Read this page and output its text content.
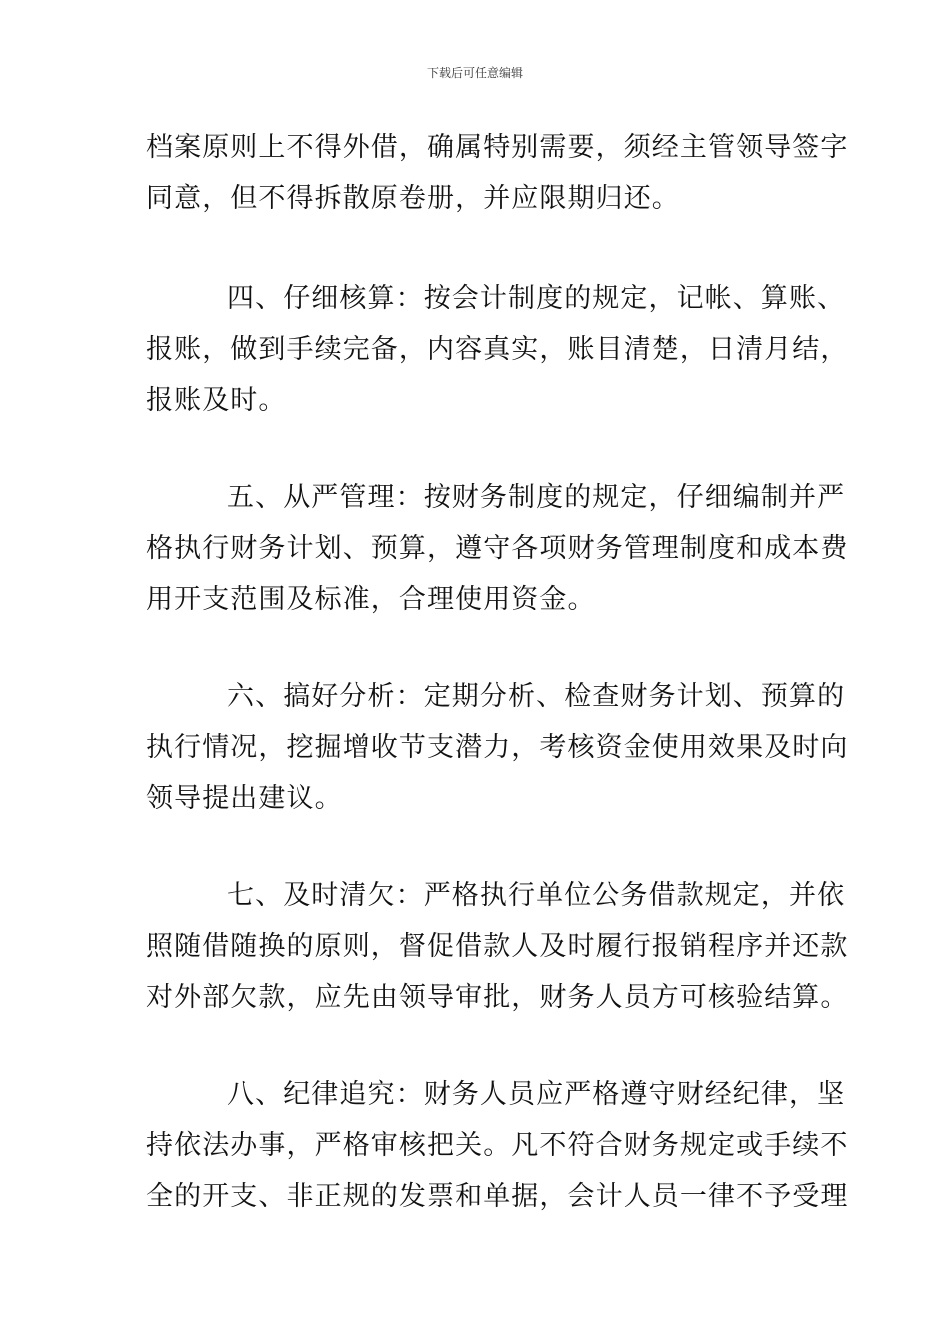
下载后可任意编辑
档案原则上不得外借，确属特别需要，须经主管领导签字
同意，但不得拆散原卷册，并应限期归还。
四、仔细核算：按会计制度的规定，记帐、算账、
报账，做到手续完备，内容真实，账目清楚，日清月结，
报账及时。
五、从严管理：按财务制度的规定，仔细编制并严
格执行财务计划、预算，遵守各项财务管理制度和成本费
用开支范围及标准，合理使用资金。
六、搞好分析：定期分析、检查财务计划、预算的
执行情况，挖掘增收节支潜力，考核资金使用效果及时向
领导提出建议。
七、及时清欠：严格执行单位公务借款规定，并依
照随借随换的原则，督促借款人及时履行报销程序并还款
对外部欠款，应先由领导审批，财务人员方可核验结算。
八、纪律追究：财务人员应严格遵守财经纪律，坚
持依法办事，严格审核把关。凡不符合财务规定或手续不
全的开支、非正规的发票和单据，会计人员一律不予受理
